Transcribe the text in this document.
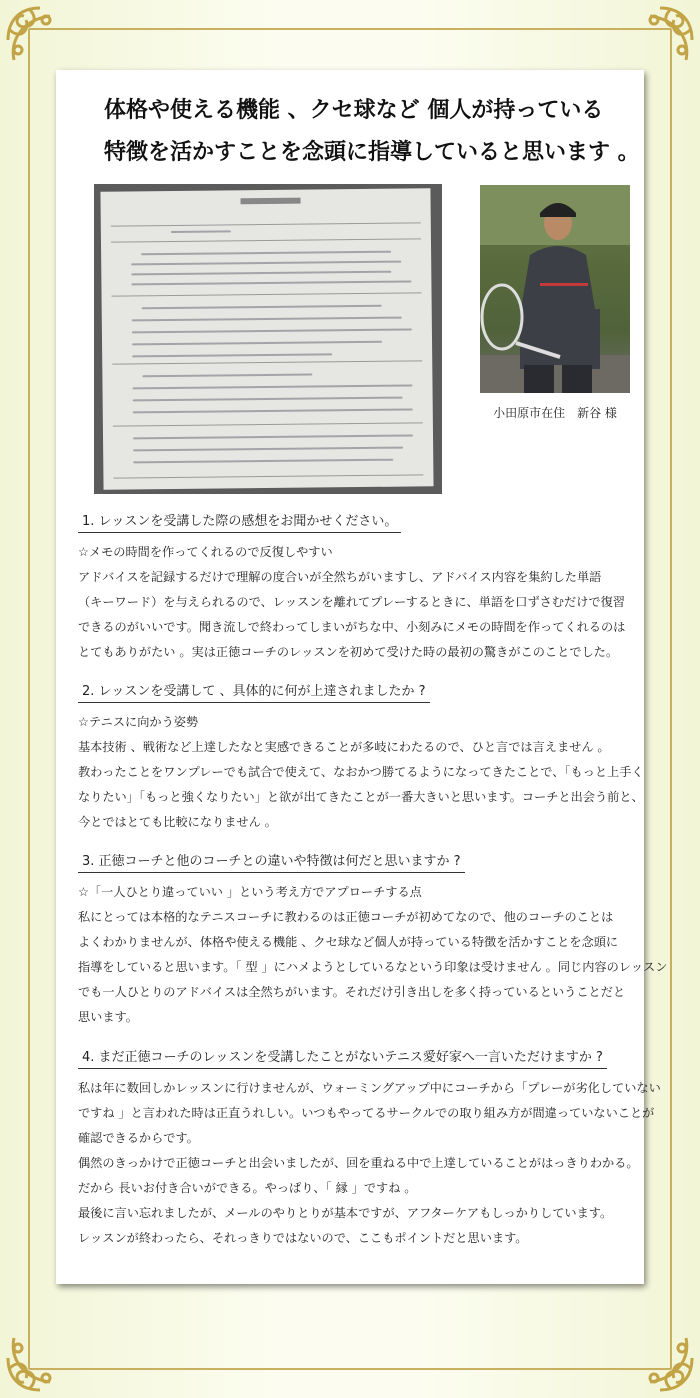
体格や使える機能 、クセ球など 個人が持っている
特徴を活かすことを念頭に指導していると思います 。
小田原市在住　新谷 様
1. レッスンを受講した際の感想をお聞かせください。

☆メモの時間を作ってくれるので反復しやすい

アドバイスを記録するだけで理解の度合いが全然ちがいますし、アドバイス内容を集約した単語

（キーワード）を与えられるので、レッスンを離れてプレーするときに、単語を口ずさむだけで復習

できるのがいいです。聞き流しで終わってしまいがちな中、小刻みにメモの時間を作ってくれるのは

とてもありがたい 。実は正徳コーチのレッスンを初めて受けた時の最初の驚きがこのことでした。

2. レッスンを受講して 、具体的に何が上達されましたか ?

☆テニスに向かう姿勢

基本技術 、戦術など上達したなと実感できることが多岐にわたるので、ひと言では言えません 。

教わったことをワンプレーでも試合で使えて、なおかつ勝てるようになってきたことで、「もっと上手く

なりたい」「もっと強くなりたい」と欲が出てきたことが一番大きいと思います。コーチと出会う前と、

今とではとても比較になりません 。

3. 正徳コーチと他のコーチとの違いや特徴は何だと思いますか ?

☆「一人ひとり違っていい 」という考え方でアプローチする点

私にとっては本格的なテニスコーチに教わるのは正徳コーチが初めてなので、他のコーチのことは

よくわかりませんが、体格や使える機能 、クセ球など個人が持っている特徴を活かすことを念頭に

指導をしていると思います。「 型 」にハメようとしているなという印象は受けません 。同じ内容のレッスン

でも一人ひとりのアドバイスは全然ちがいます。それだけ引き出しを多く持っているということだと

思います。

4. まだ正徳コーチのレッスンを受講したことがないテニス愛好家へ一言いただけますか ?

私は年に数回しかレッスンに行けませんが、ウォーミングアップ中にコーチから「プレーが劣化していない

ですね 」と言われた時は正直うれしい。いつもやってるサークルでの取り組み方が間違っていないことが

確認できるからです。

偶然のきっかけで正徳コーチと出会いましたが、回を重ねる中で上達していることがはっきりわかる。

だから 長いお付き合いができる。やっぱり、「 縁 」ですね 。

最後に言い忘れましたが、メールのやりとりが基本ですが、アフターケアもしっかりしています。

レッスンが終わったら、それっきりではないので、ここもポイントだと思います。
